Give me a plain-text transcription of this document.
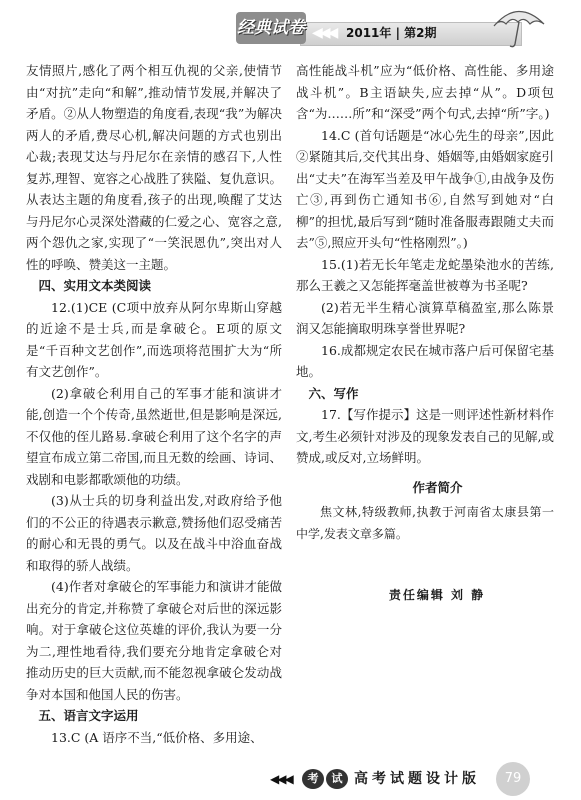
经典试卷 ◀◀◀ 2011年 | 第2期

友情照片,感化了两个相互仇视的父亲,使情节由“对抗”走向“和解”,推动情节发展,并解决了矛盾。②从人物塑造的角度看,表现“我”为解决两人的矛盾,费尽心机,解决问题的方式也别出心裁;表现艾达与丹尼尔在亲情的感召下,人性复苏,理智、宽容之心战胜了狭隘、复仇意识。从表达主题的角度看,孩子的出现,唤醒了艾达与丹尼尔心灵深处潜藏的仁爱之心、宽容之意,两个怨仇之家,实现了“一笑泯恩仇”,突出对人性的呼唤、赞美这一主题。

四、实用文本类阅读

12.(1)CE (C项中放弃从阿尔卑斯山穿越的近途不是士兵,而是拿破仑。E项的原文是“千百种文艺创作”,而选项将范围扩大为“所有文艺创作”。

(2)拿破仑利用自己的军事才能和演讲才能,创造一个个传奇,虽然逝世,但是影响是深远,不仅他的侄儿路易.拿破仑利用了这个名字的声望宣布成立第二帝国,而且无数的绘画、诗词、戏剧和电影都歌颂他的功绩。

(3)从士兵的切身利益出发,对政府给予他们的不公正的待遇表示歉意,赞扬他们忍受痛苦的耐心和无畏的勇气。以及在战斗中浴血奋战和取得的骄人战绩。

(4)作者对拿破仑的军事能力和演讲才能做出充分的肯定,并称赞了拿破仑对后世的深远影响。对于拿破仑这位英雄的评价,我认为要一分为二,理性地看待,我们要充分地肯定拿破仑对推动历史的巨大贡献,而不能忽视拿破仑发动战争对本国和他国人民的伤害。

五、语言文字运用

13.C (A 语序不当,“低价格、多用途、

高性能战斗机”应为“低价格、高性能、多用途战斗机”。B主语缺失,应去掉“从”。D项包含“为……所”和“深受”两个句式,去掉“所”字。)

14.C (首句话题是“冰心先生的母亲”,因此②紧随其后,交代其出身、婚姻等,由婚姻家庭引出“丈夫”在海军当差及甲午战争①,由战争及伤亡③,再到伤亡通知书⑥,自然写到她对“白柳”的担忧,最后写到“随时准备服毒跟随丈夫而去”⑤,照应开头句“性格刚烈”。)

15.(1)若无长年笔走龙蛇墨染池水的苦练,那么王羲之又怎能挥毫盖世被尊为书圣呢?

(2)若无半生精心演算草稿盈室,那么陈景润又怎能摘取明珠享誉世界呢?

16.成都规定农民在城市落户后可保留宅基地。

六、写作

17.【写作提示】这是一则评述性新材料作文,考生必须针对涉及的现象发表自己的见解,或赞成,或反对,立场鲜明。

作者简介

焦文林,特级教师,执教于河南省太康县第一中学,发表文章多篇。

责任编辑 刘 静

◀◀◀	考	试 高考试题设计版	79
